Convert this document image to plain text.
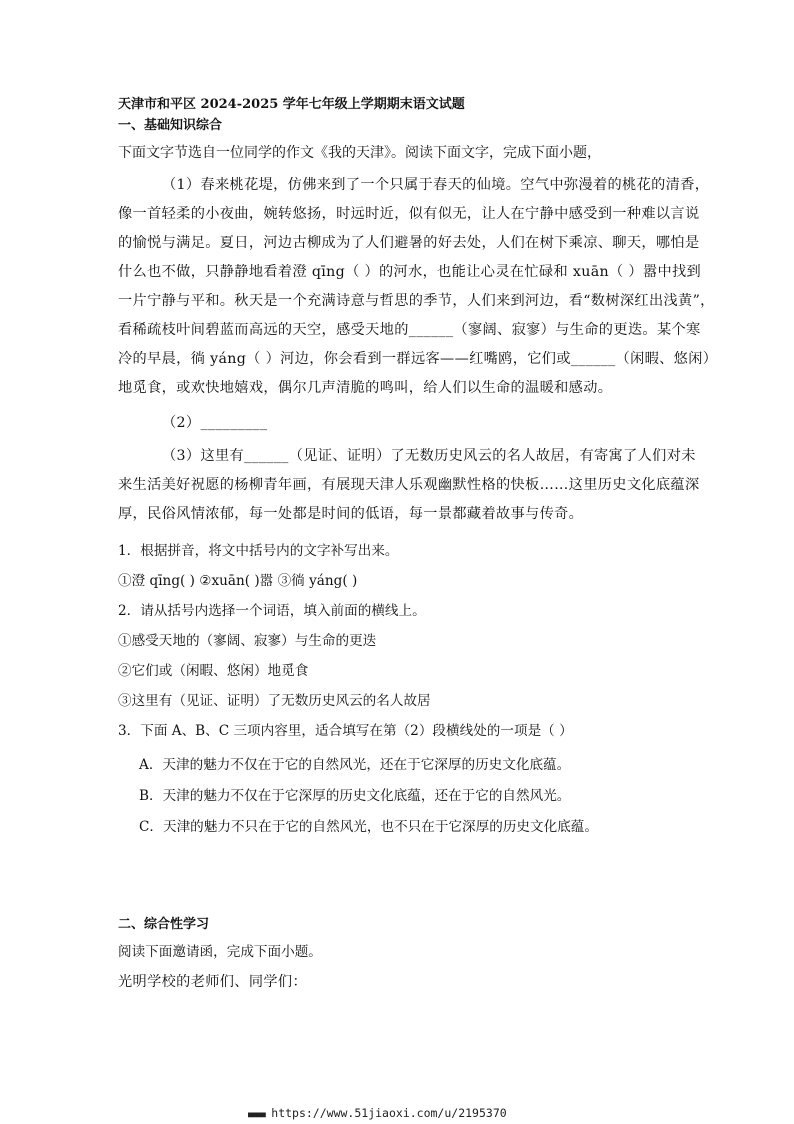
天津市和平区 2024-2025 学年七年级上学期期末语文试题
一、基础知识综合
下面文字节选自一位同学的作文《我的天津》。阅读下面文字，完成下面小题，
（1）春来桃花堤，仿佛来到了一个只属于春天的仙境。空气中弥漫着的桃花的清香，
像一首轻柔的小夜曲，婉转悠扬，时远时近，似有似无，让人在宁静中感受到一种难以言说
的愉悦与满足。夏日，河边古柳成为了人们避暑的好去处，人们在树下乘凉、聊天，哪怕是
什么也不做，只静静地看着澄 qīng（ ）的河水，也能让心灵在忙碌和 xuān（ ）嚣中找到
一片宁静与平和。秋天是一个充满诗意与哲思的季节，人们来到河边，看“数树深红出浅黄”，
看稀疏枝叶间碧蓝而高远的天空，感受天地的______（寥阔、寂寥）与生命的更迭。某个寒
冷的早晨，徜 yáng（ ）河边，你会看到一群远客——红嘴鸥，它们或______（闲暇、悠闲）
地觅食，或欢快地嬉戏，偶尔几声清脆的鸣叫，给人们以生命的温暖和感动。
（2）_________
（3）这里有______（见证、证明）了无数历史风云的名人故居，有寄寓了人们对未
来生活美好祝愿的杨柳青年画，有展现天津人乐观幽默性格的快板……这里历史文化底蕴深
厚，民俗风情浓郁，每一处都是时间的低语，每一景都藏着故事与传奇。
1．根据拼音，将文中括号内的文字补写出来。
①澄 qīng( ) ②xuān( )嚣 ③徜 yáng( )
2．请从括号内选择一个词语，填入前面的横线上。
①感受天地的（寥阔、寂寥）与生命的更迭
②它们或（闲暇、悠闲）地觅食
③这里有（见证、证明）了无数历史风云的名人故居
3．下面 A、B、C 三项内容里，适合填写在第（2）段横线处的一项是（ ）
A．天津的魅力不仅在于它的自然风光，还在于它深厚的历史文化底蕴。
B．天津的魅力不仅在于它深厚的历史文化底蕴，还在于它的自然风光。
C．天津的魅力不只在于它的自然风光，也不只在于它深厚的历史文化底蕴。
二、综合性学习
阅读下面邀请函，完成下面小题。
光明学校的老师们、同学们：
■■■■ https://www.51jiaoxi.com/u/2195370
